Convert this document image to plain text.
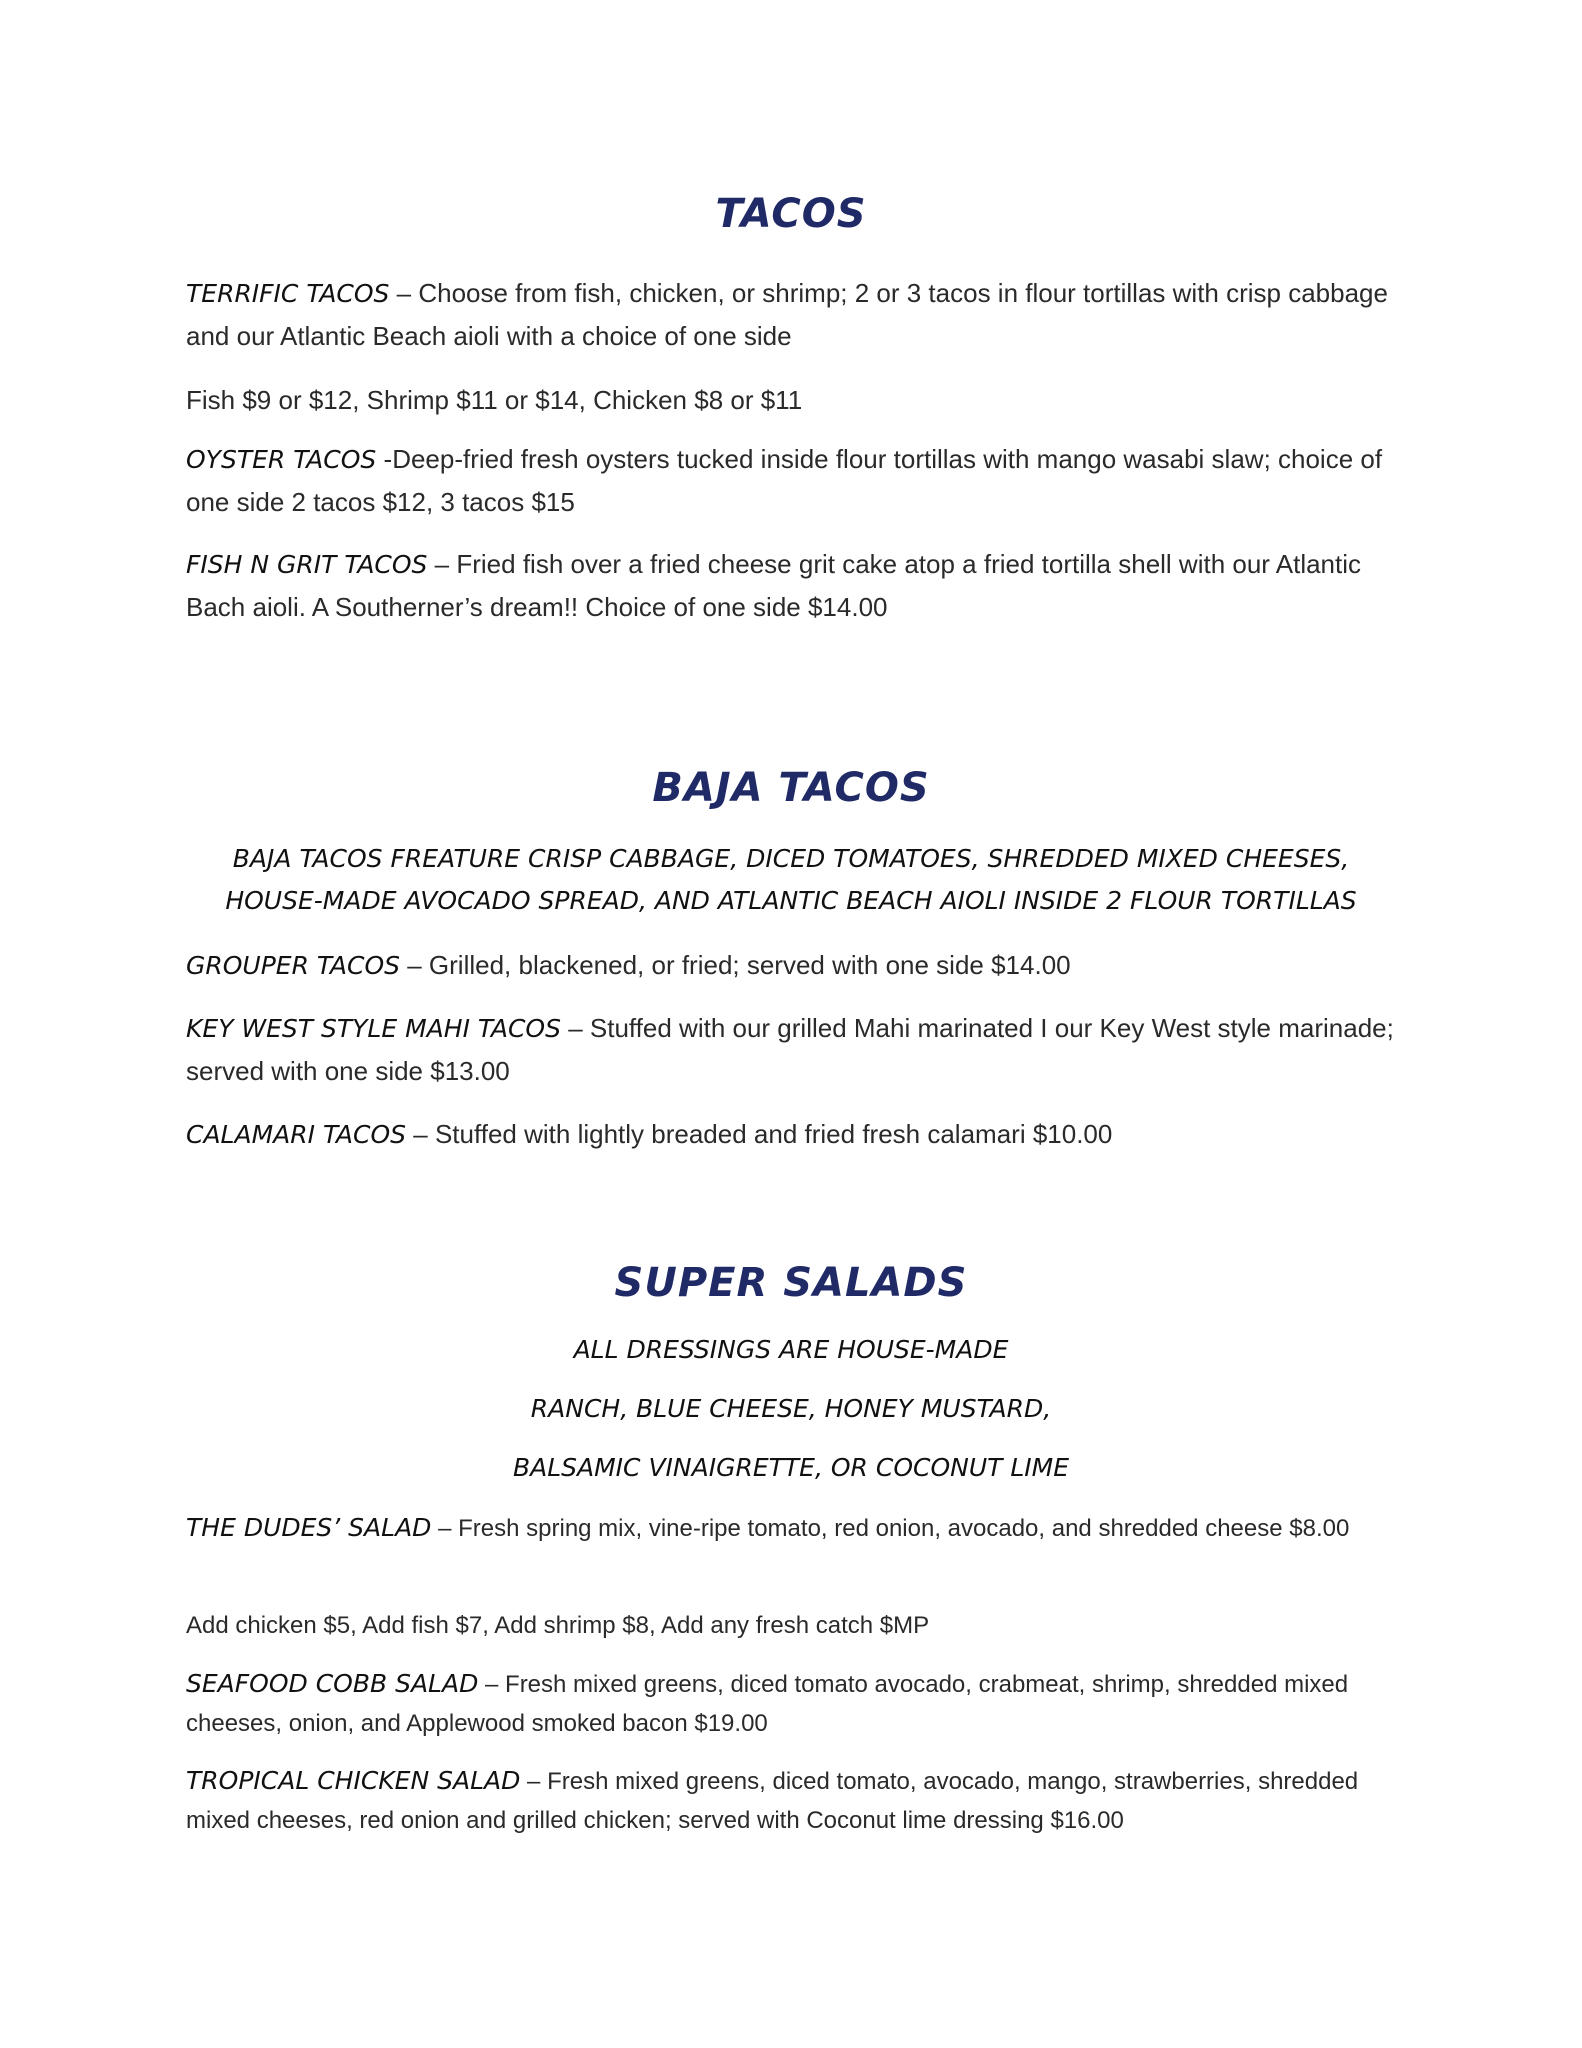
TACOS

TERRIFIC TACOS – Choose from fish, chicken, or shrimp; 2 or 3 tacos in flour tortillas with crisp cabbage and our Atlantic Beach aioli with a choice of one side

Fish $9 or $12, Shrimp $11 or $14, Chicken $8 or $11

OYSTER TACOS -Deep-fried fresh oysters tucked inside flour tortillas with mango wasabi slaw; choice of one side 2 tacos $12, 3 tacos $15

FISH N GRIT TACOS – Fried fish over a fried cheese grit cake atop a fried tortilla shell with our Atlantic Bach aioli. A Southerner’s dream!! Choice of one side $14.00

BAJA TACOS

BAJA TACOS FREATURE CRISP CABBAGE, DICED TOMATOES, SHREDDED MIXED CHEESES,

HOUSE-MADE AVOCADO SPREAD, AND ATLANTIC BEACH AIOLI INSIDE 2 FLOUR TORTILLAS

GROUPER TACOS – Grilled, blackened, or fried; served with one side $14.00

KEY WEST STYLE MAHI TACOS – Stuffed with our grilled Mahi marinated I our Key West style marinade; served with one side $13.00

CALAMARI TACOS – Stuffed with lightly breaded and fried fresh calamari $10.00

SUPER SALADS

ALL DRESSINGS ARE HOUSE-MADE

RANCH, BLUE CHEESE, HONEY MUSTARD,

BALSAMIC VINAIGRETTE, OR COCONUT LIME

THE DUDES’ SALAD – Fresh spring mix, vine-ripe tomato, red onion, avocado, and shredded cheese $8.00

Add chicken $5, Add fish $7, Add shrimp $8, Add any fresh catch $MP

SEAFOOD COBB SALAD – Fresh mixed greens, diced tomato avocado, crabmeat, shrimp, shredded mixed cheeses, onion, and Applewood smoked bacon $19.00

TROPICAL CHICKEN SALAD – Fresh mixed greens, diced tomato, avocado, mango, strawberries, shredded mixed cheeses, red onion and grilled chicken; served with Coconut lime dressing $16.00
